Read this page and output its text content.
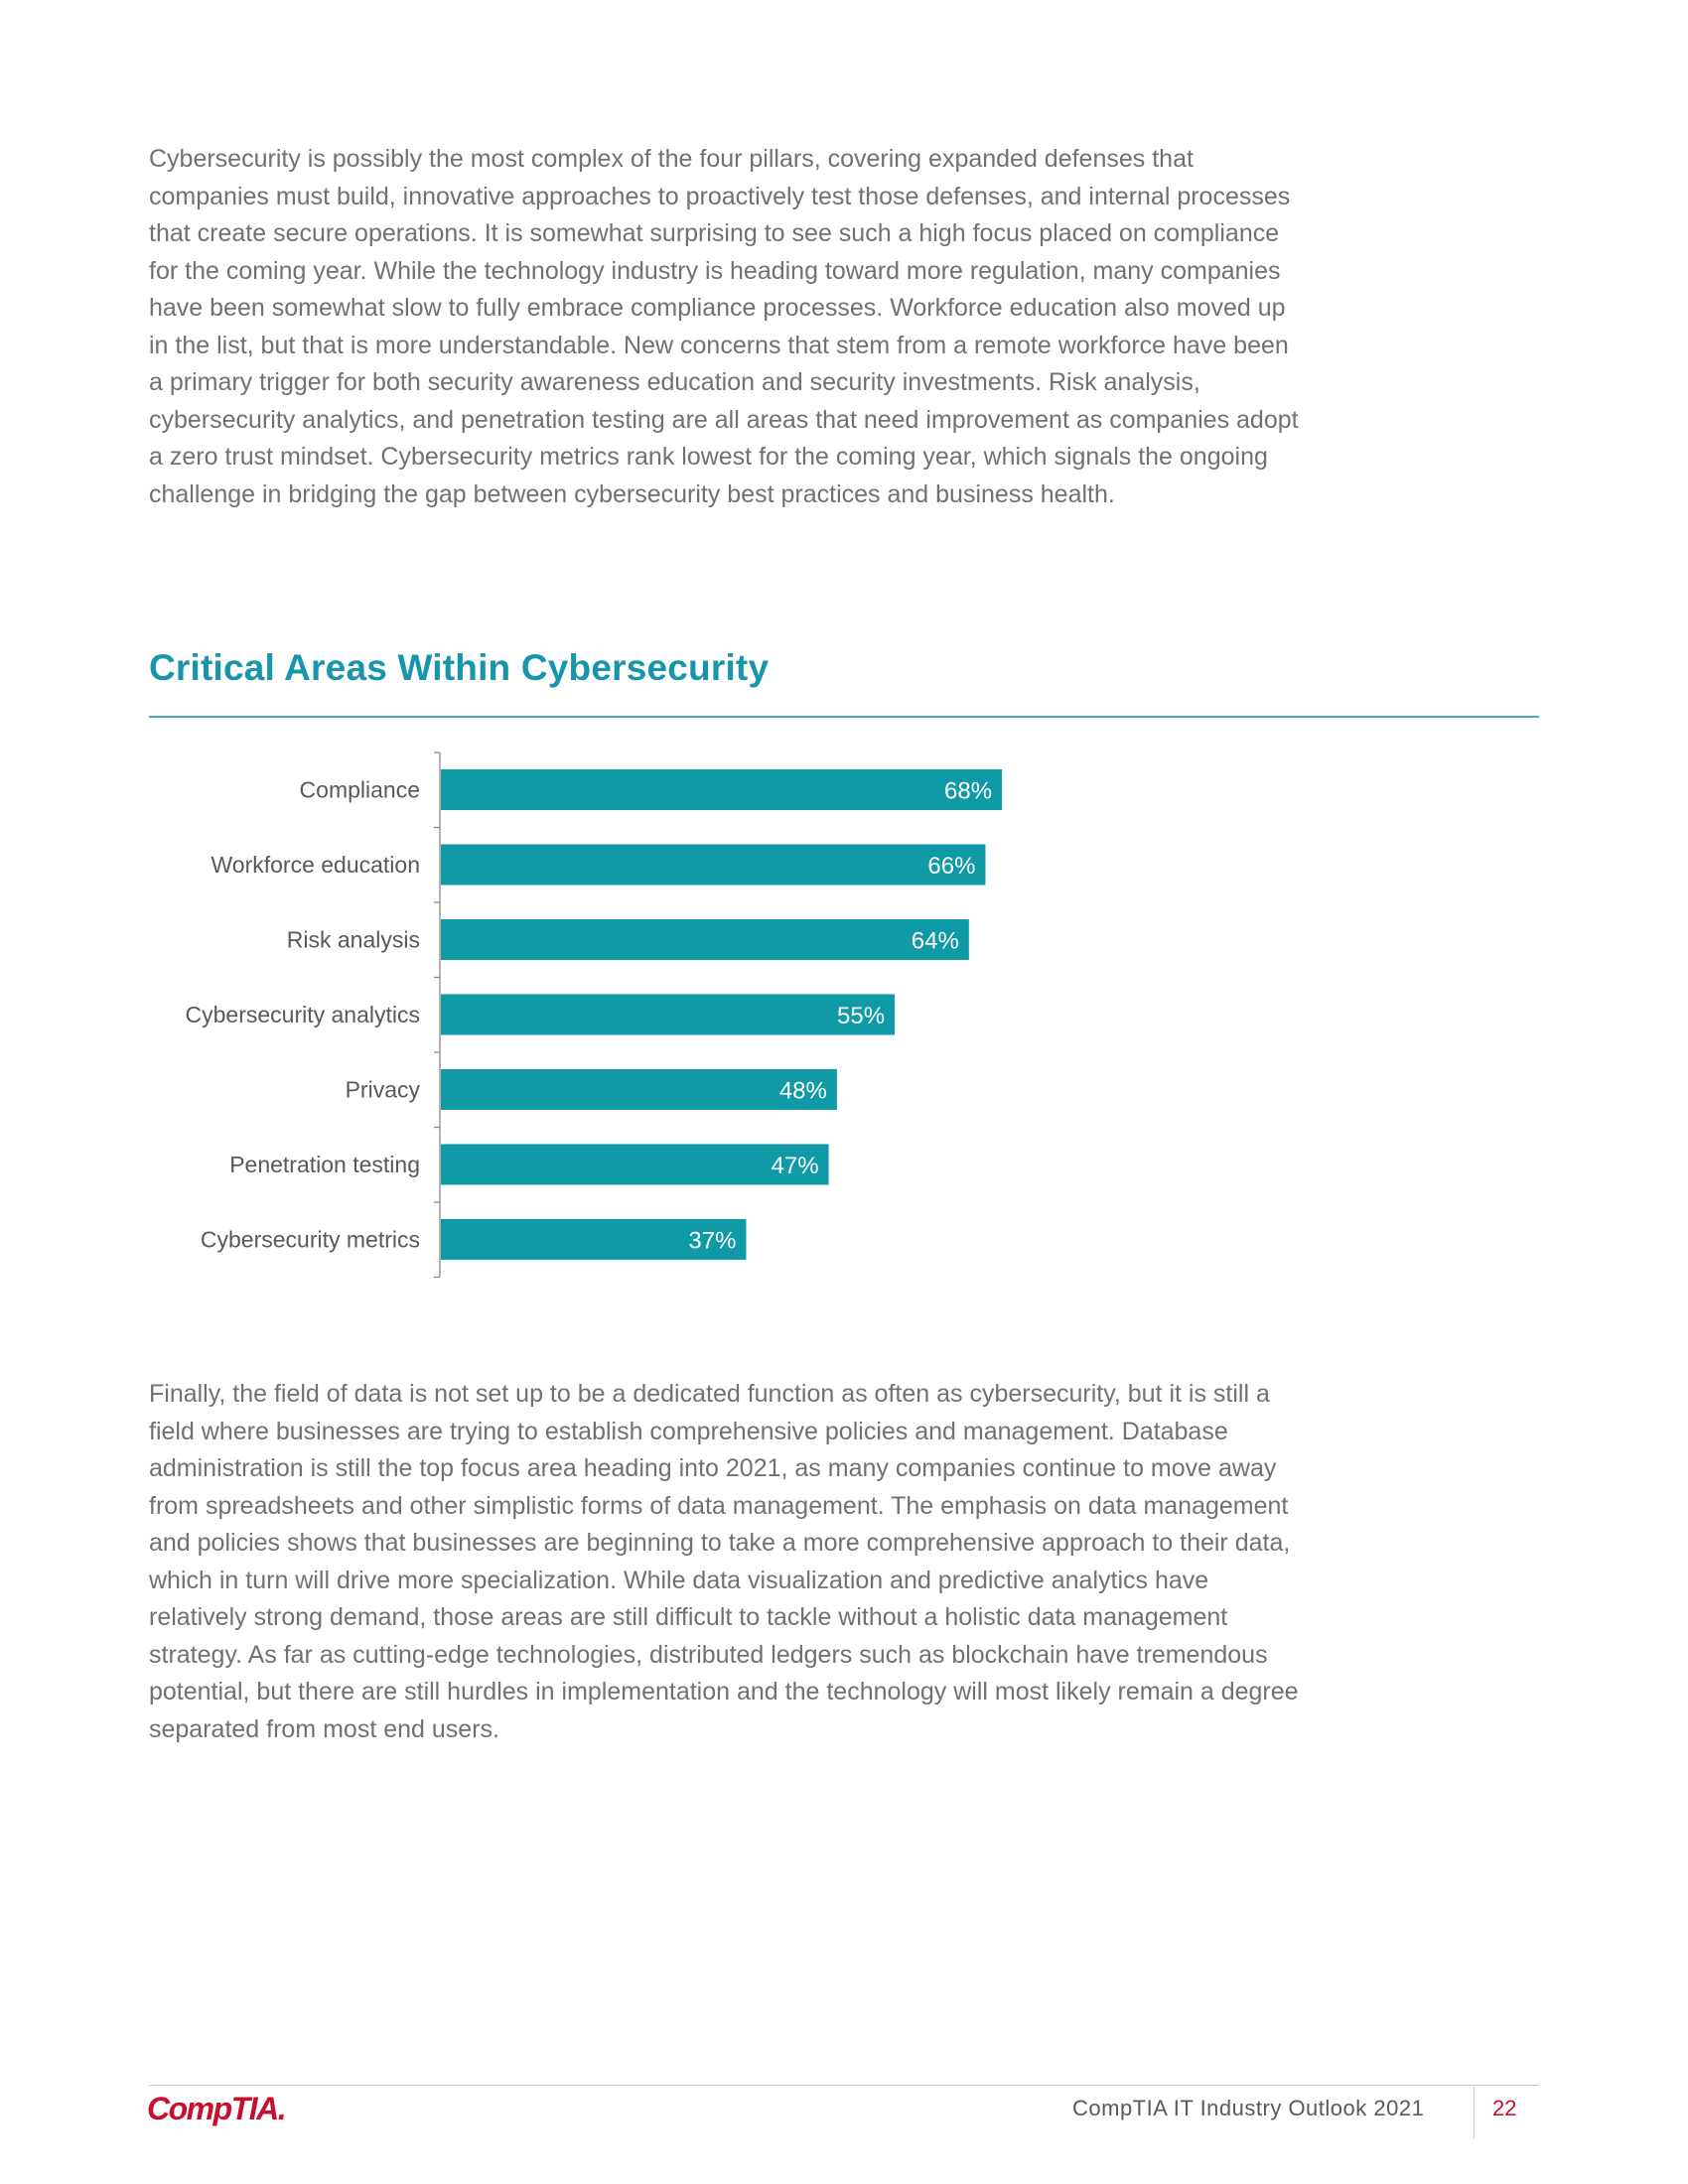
Cybersecurity is possibly the most complex of the four pillars, covering expanded defenses that companies must build, innovative approaches to proactively test those defenses, and internal processes that create secure operations. It is somewhat surprising to see such a high focus placed on compliance for the coming year. While the technology industry is heading toward more regulation, many companies have been somewhat slow to fully embrace compliance processes. Workforce education also moved up in the list, but that is more understandable. New concerns that stem from a remote workforce have been a primary trigger for both security awareness education and security investments. Risk analysis, cybersecurity analytics, and penetration testing are all areas that need improvement as companies adopt a zero trust mindset. Cybersecurity metrics rank lowest for the coming year, which signals the ongoing challenge in bridging the gap between cybersecurity best practices and business health.

Critical Areas Within Cybersecurity
Compliance
Workforce education
Risk analysis
Cybersecurity analytics
Privacy
Penetration testing
Cybersecurity metrics
68%
66%
64%
55%
48%
47%
37%

Finally, the field of data is not set up to be a dedicated function as often as cybersecurity, but it is still a field where businesses are trying to establish comprehensive policies and management. Database administration is still the top focus area heading into 2021, as many companies continue to move away from spreadsheets and other simplistic forms of data management. The emphasis on data management and policies shows that businesses are beginning to take a more comprehensive approach to their data, which in turn will drive more specialization. While data visualization and predictive analytics have relatively strong demand, those areas are still difficult to tackle without a holistic data management strategy. As far as cutting-edge technologies, distributed ledgers such as blockchain have tremendous potential, but there are still hurdles in implementation and the technology will most likely remain a degree separated from most end users.

CompTIA.	CompTIA IT Industry Outlook 2021	22
